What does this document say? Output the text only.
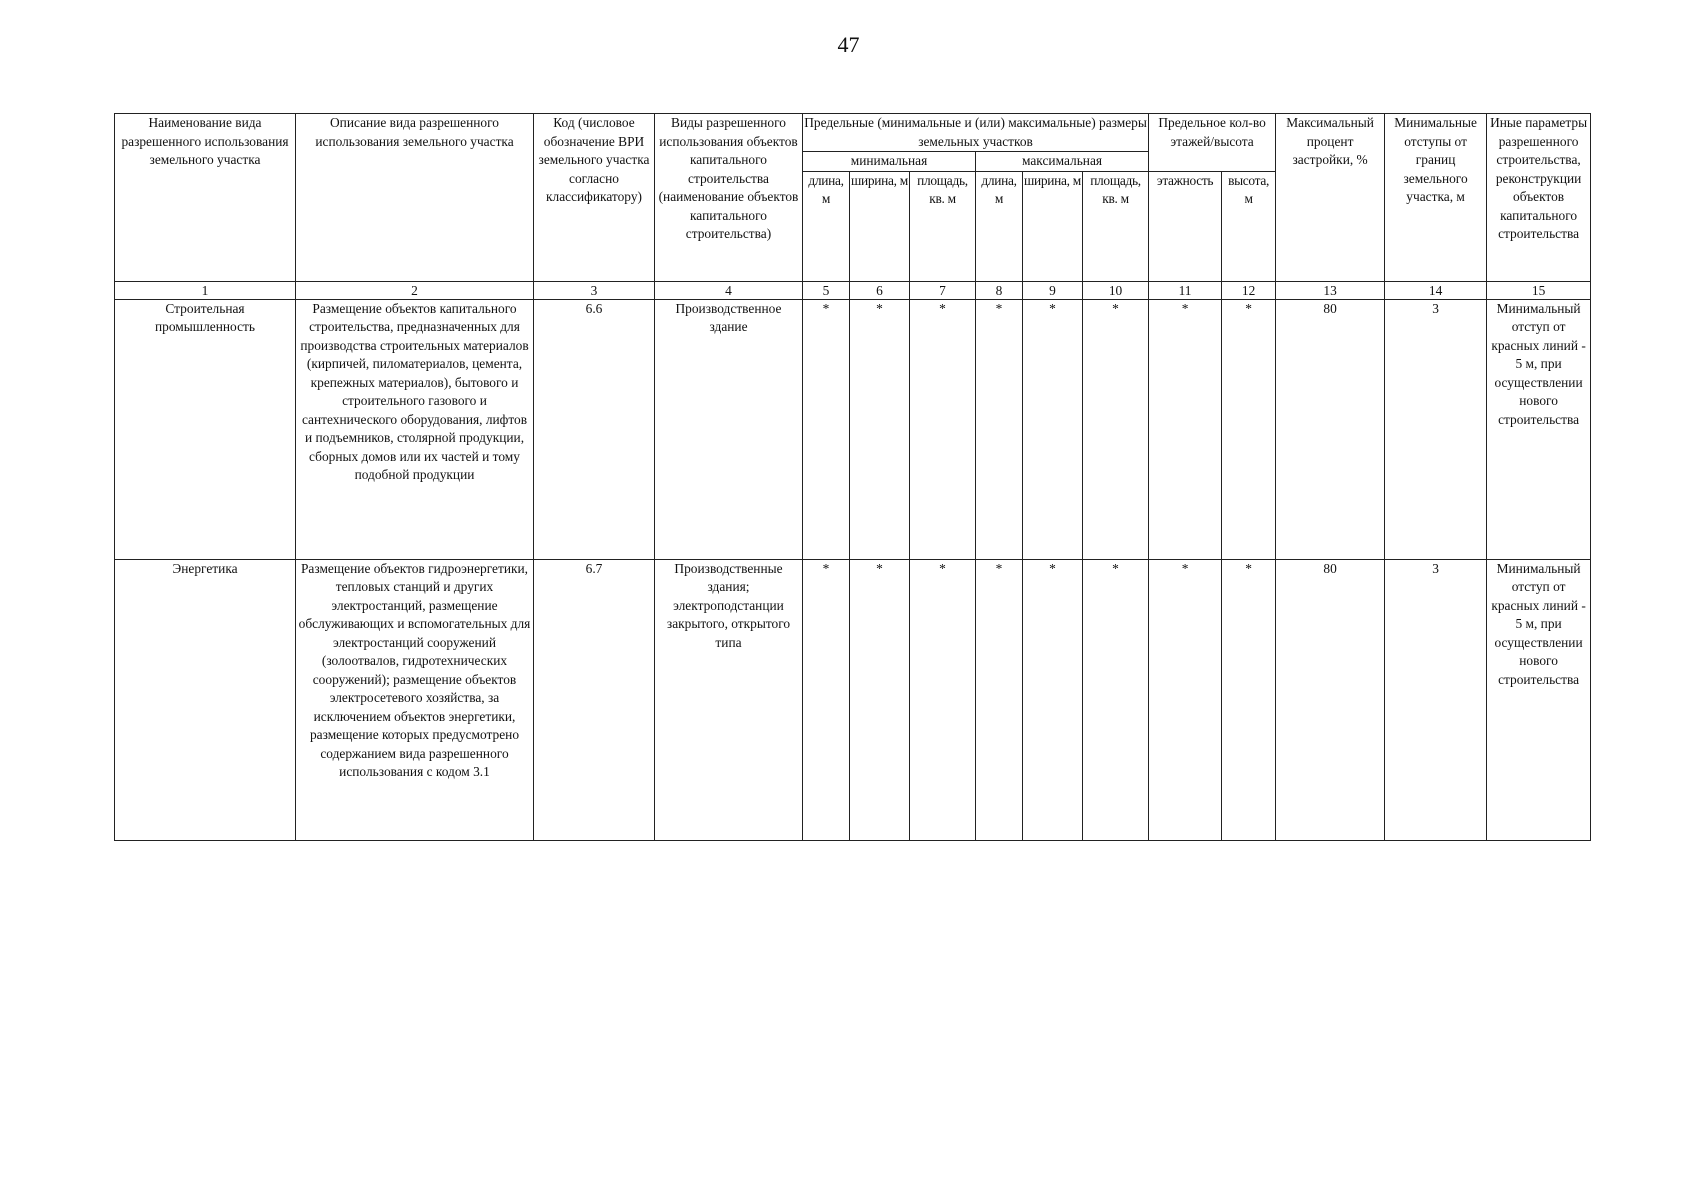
47
Наименование вида разрешенного использования земельного участка	Описание вида разрешенного использования земельного участка	Код (числовое обозначение ВРИ земельного участка согласно классификатору)	Виды разрешенного использования объектов капитального строительства (наименование объектов капитального строительства)	Предельные (минимальные и (или) максимальные) размеры земельных участков						Предельное кол-во этажей/высота		Максимальный процент застройки, %	Минимальные отступы от границ земельного участка, м	Иные параметры разрешенного строительства, реконструкции объектов капитального строительства
				минимальная			максимальная							
				длина, м	ширина, м	площадь, кв. м	длина, м	ширина, м	площадь, кв. м	этажность	высота, м			
1	2	3	4	5	6	7	8	9	10	11	12	13	14	15
Строительная промышленность	Размещение объектов капитального строительства, предназначенных для производства строительных материалов (кирпичей, пиломатериалов, цемента, крепежных материалов), бытового и строительного газового и сантехнического оборудования, лифтов и подъемников, столярной продукции, сборных домов или их частей и тому подобной продукции	6.6	Производственное здание	*	*	*	*	*	*	*	*	80	3	Минимальный отступ от красных линий - 5 м, при осуществлении нового строительства
Энергетика	Размещение объектов гидроэнергетики, тепловых станций и других электростанций, размещение обслуживающих и вспомогательных для электростанций сооружений (золоотвалов, гидротехнических сооружений); размещение объектов электросетевого хозяйства, за исключением объектов энергетики, размещение которых предусмотрено содержанием вида разрешенного использования с кодом 3.1	6.7	Производственные здания; электроподстанции закрытого, открытого типа	*	*	*	*	*	*	*	*	80	3	Минимальный отступ от красных линий - 5 м, при осуществлении нового строительства
